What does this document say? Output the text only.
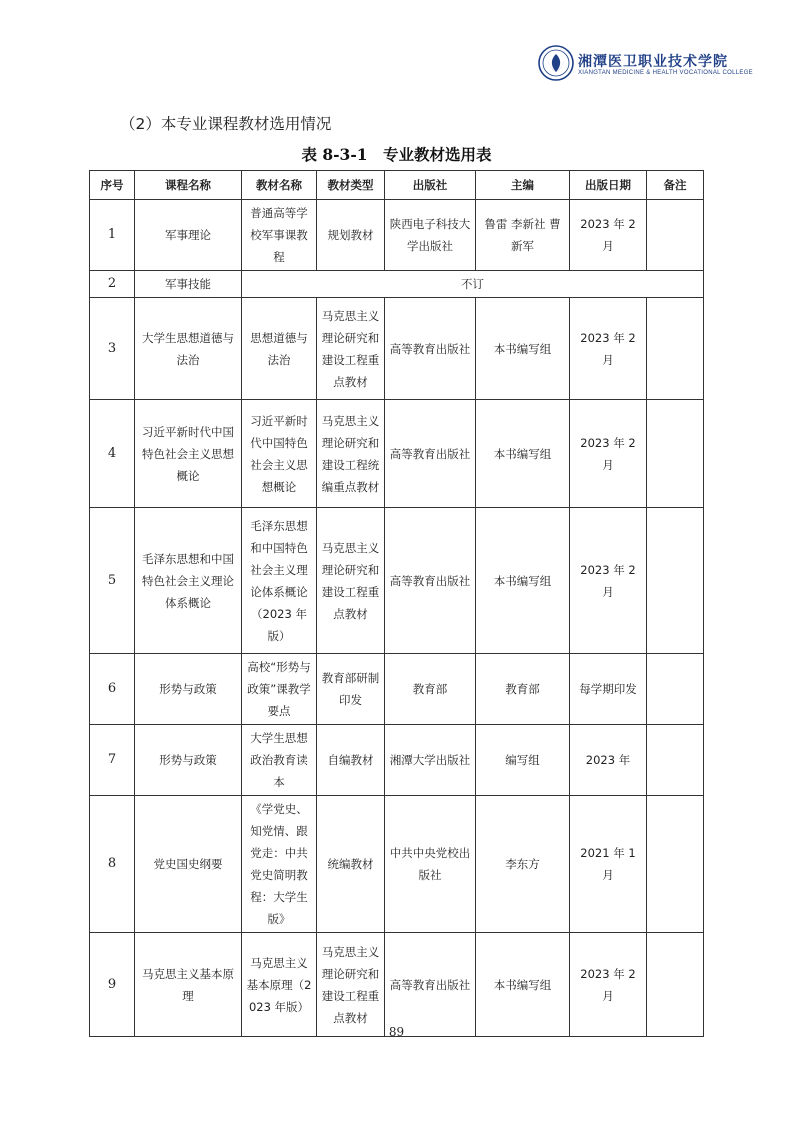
湘潭医卫职业技术学院
XIANGTAN MEDICINE & HEALTH VOCATIONAL COLLEGE
（2）本专业课程教材选用情况
表 8-3-1　专业教材选用表
序号	课程名称	教材名称	教材类型	出版社	主编	出版日期	备注
1	军事理论	普通高等学校军事课教程	规划教材	陕西电子科技大学出版社	鲁雷 李新社 曹新军	2023 年 2 月	
2	军事技能	不订					
3	大学生思想道德与法治	思想道德与法治	马克思主义理论研究和建设工程重点教材	高等教育出版社	本书编写组	2023 年 2 月	
4	习近平新时代中国特色社会主义思想概论	习近平新时代中国特色社会主义思想概论	马克思主义理论研究和建设工程统编重点教材	高等教育出版社	本书编写组	2023 年 2 月	
5	毛泽东思想和中国特色社会主义理论体系概论	毛泽东思想和中国特色社会主义理论体系概论（2023 年版）	马克思主义理论研究和建设工程重点教材	高等教育出版社	本书编写组	2023 年 2 月	
6	形势与政策	高校“形势与政策”课教学要点	教育部研制印发	教育部	教育部	每学期印发	
7	形势与政策	大学生思想政治教育读本	自编教材	湘潭大学出版社	编写组	2023 年	
8	党史国史纲要	《学党史、知党情、跟党走：中共党史简明教程：大学生版》	统编教材	中共中央党校出版社	李东方	2021 年 1 月	
9	马克思主义基本原理	马克思主义基本原理（2023 年版）	马克思主义理论研究和建设工程重点教材	高等教育出版社	本书编写组	2023 年 2 月	
89
